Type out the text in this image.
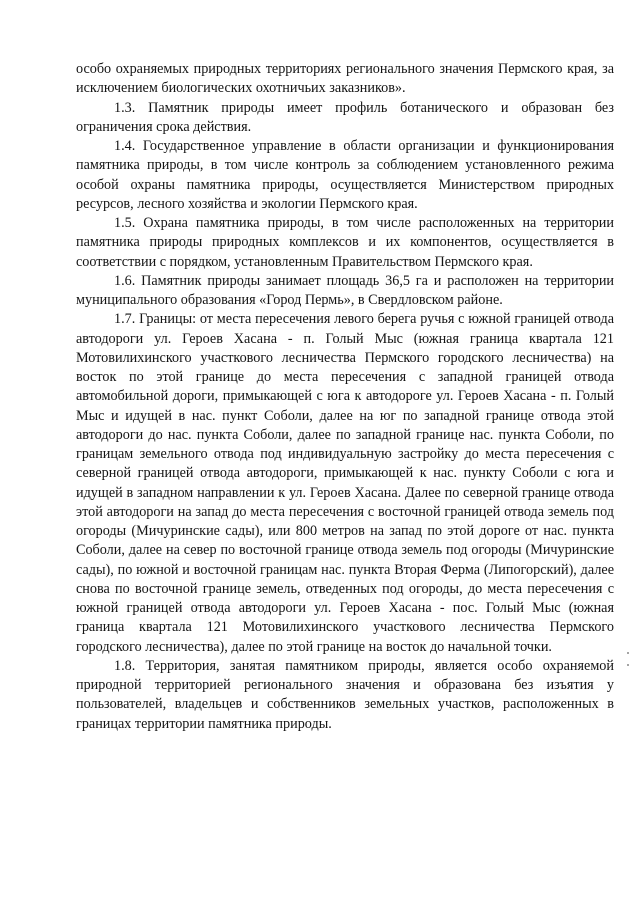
особо охраняемых природных территориях регионального значения Пермского края, за исключением биологических охотничьих заказников».

1.3. Памятник природы имеет профиль ботанического и образован без ограничения срока действия.

1.4. Государственное управление в области организации и функционирования памятника природы, в том числе контроль за соблюдением установленного режима особой охраны памятника природы, осуществляется Министерством природных ресурсов, лесного хозяйства и экологии Пермского края.

1.5. Охрана памятника природы, в том числе расположенных на территории памятника природы природных комплексов и их компонентов, осуществляется в соответствии с порядком, установленным Правительством Пермского края.

1.6. Памятник природы занимает площадь 36,5 га и расположен на территории муниципального образования «Город Пермь», в Свердловском районе.

1.7. Границы: от места пересечения левого берега ручья с южной границей отвода автодороги ул. Героев Хасана - п. Голый Мыс (южная граница квартала 121 Мотовилихинского участкового лесничества Пермского городского лесничества) на восток по этой границе до места пересечения с западной границей отвода автомобильной дороги, примыкающей с юга к автодороге ул. Героев Хасана - п. Голый Мыс и идущей в нас. пункт Соболи, далее на юг по западной границе отвода этой автодороги до нас. пункта Соболи, далее по западной границе нас. пункта Соболи, по границам земельного отвода под индивидуальную застройку до места пересечения с северной границей отвода автодороги, примыкающей к нас. пункту Соболи с юга и идущей в западном направлении к ул. Героев Хасана. Далее по северной границе отвода этой автодороги на запад до места пересечения с восточной границей отвода земель под огороды (Мичуринские сады), или 800 метров на запад по этой дороге от нас. пункта Соболи, далее на север по восточной границе отвода земель под огороды (Мичуринские сады), по южной и восточной границам нас. пункта Вторая Ферма (Липогорский), далее снова по восточной границе земель, отведенных под огороды, до места пересечения с южной границей отвода автодороги ул. Героев Хасана - пос. Голый Мыс (южная граница квартала 121 Мотовилихинского участкового лесничества Пермского городского лесничества), далее по этой границе на восток до начальной точки.

1.8. Территория, занятая памятником природы, является особо охраняемой природной территорией регионального значения и образована без изъятия у пользователей, владельцев и собственников земельных участков, расположенных в границах территории памятника природы.
